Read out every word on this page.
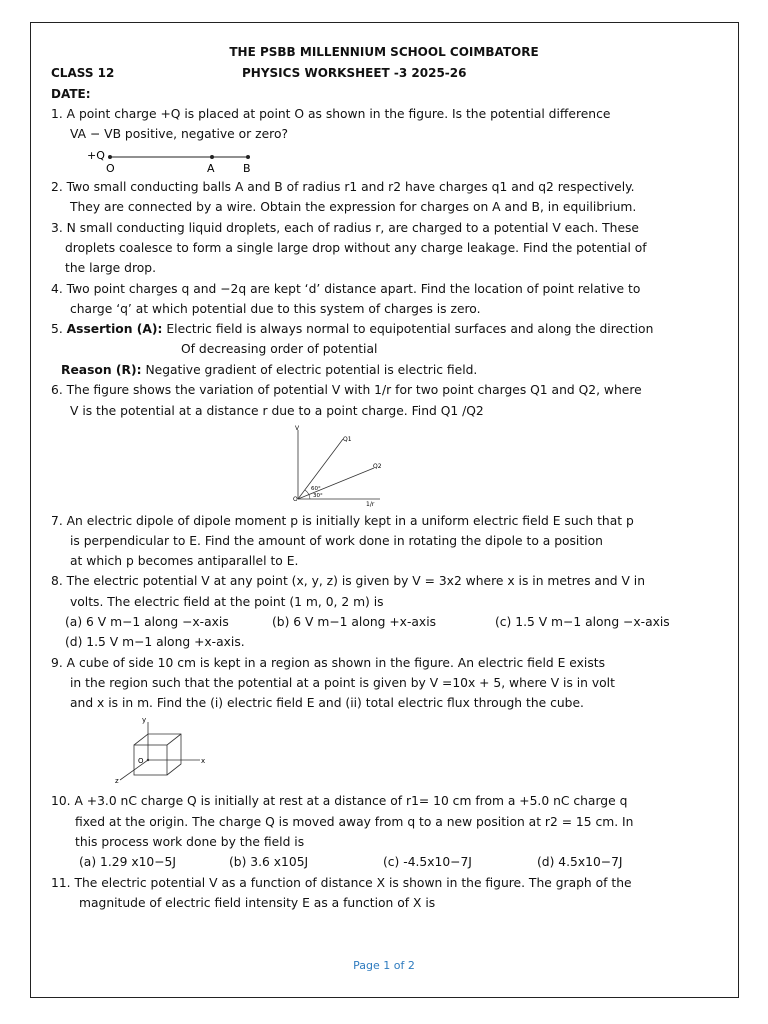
THE PSBB MILLENNIUM SCHOOL COIMBATORE
CLASS 12	PHYSICS WORKSHEET -3 2025-26
DATE:
1. A point charge +Q is placed at point O as shown in the figure. Is the potential difference
VA − VB positive, negative or zero?
+Q
O	A	B
2. Two small conducting balls A and B of radius r1 and r2 have charges q1 and q2 respectively.
They are connected by a wire. Obtain the expression for charges on A and B, in equilibrium.
3. N small conducting liquid droplets, each of radius r, are charged to a potential V each. These
droplets coalesce to form a single large drop without any charge leakage. Find the potential of
the large drop.
4. Two point charges q and −2q are kept ‘d’ distance apart. Find the location of point relative to
charge ‘q’ at which potential due to this system of charges is zero.
5. Assertion (A): Electric field is always normal to equipotential surfaces and along the direction
Of decreasing order of potential
Reason (R): Negative gradient of electric potential is electric field.
6. The figure shows the variation of potential V with 1/r for two point charges Q1 and Q2, where
V is the potential at a distance r due to a point charge. Find Q1 /Q2
V
Q1
Q2
60°
30°
O
1/r
7. An electric dipole of dipole moment p is initially kept in a uniform electric field E such that p
is perpendicular to E. Find the amount of work done in rotating the dipole to a position
at which p becomes antiparallel to E.
8. The electric potential V at any point (x, y, z) is given by V = 3x2 where x is in metres and V in
volts. The electric field at the point (1 m, 0, 2 m) is
(a) 6 V m−1 along −x-axis	(b) 6 V m−1 along +x-axis	(c) 1.5 V m−1 along −x-axis
(d) 1.5 V m−1 along +x-axis.
9. A cube of side 10 cm is kept in a region as shown in the figure. An electric field E exists
in the region such that the potential at a point is given by V =10x + 5, where V is in volt
and x is in m. Find the (i) electric field E and (ii) total electric flux through the cube.
y
x
z
O
10. A +3.0 nC charge Q is initially at rest at a distance of r1= 10 cm from a +5.0 nC charge q
fixed at the origin. The charge Q is moved away from q to a new position at r2 = 15 cm. In
this process work done by the field is
(a) 1.29 x10−5J	(b) 3.6 x105J	(c) -4.5x10−7J	(d) 4.5x10−7J
11. The electric potential V as a function of distance X is shown in the figure. The graph of the
magnitude of electric field intensity E as a function of X is
Page 1 of 2
